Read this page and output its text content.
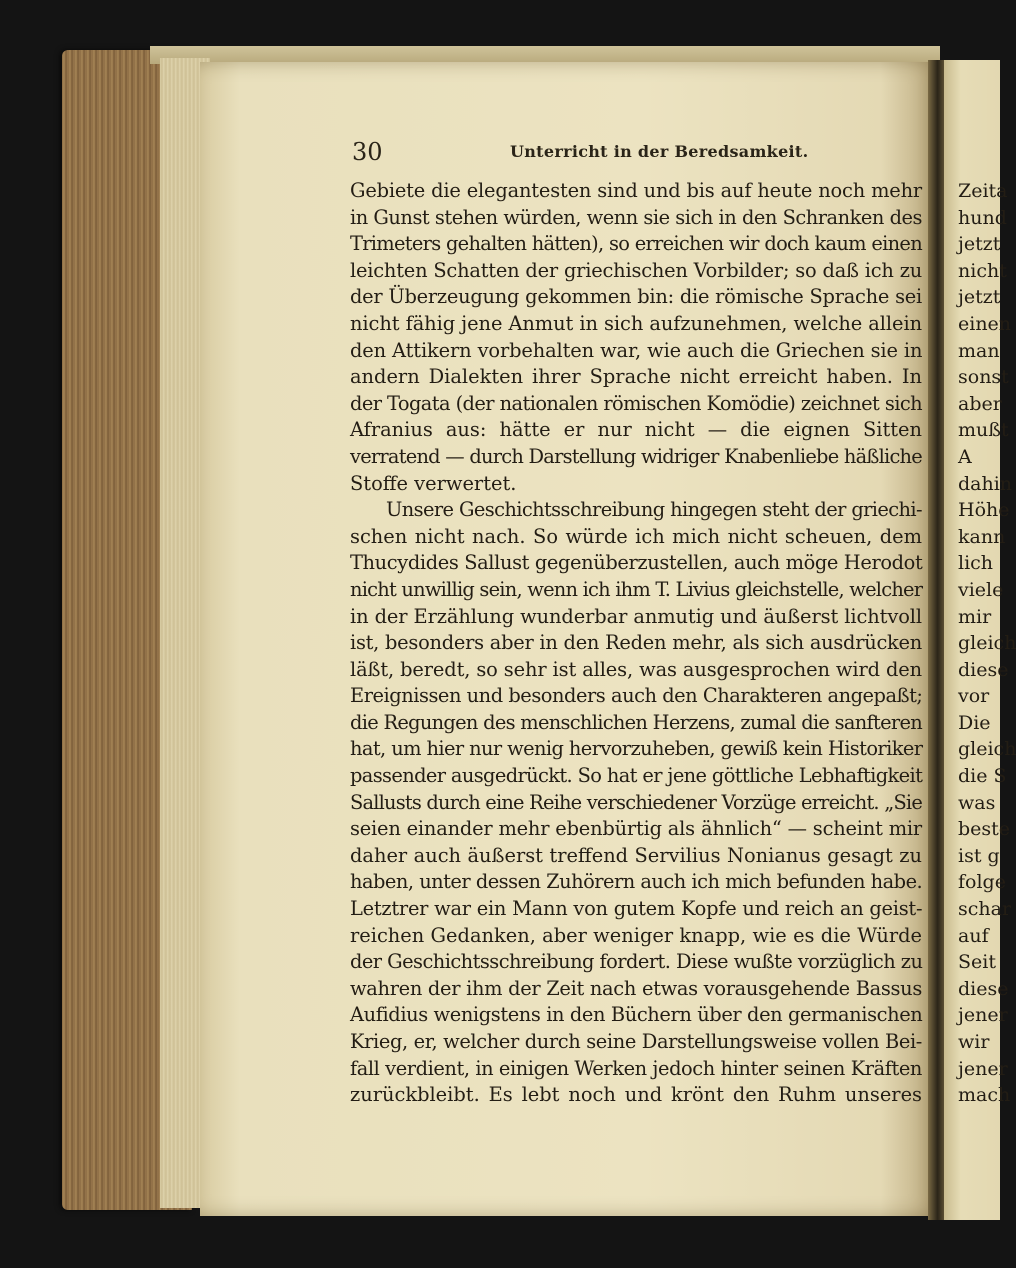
30	Unterricht in der Beredsamkeit.
Gebiete die elegantesten sind und bis auf heute noch mehr
in Gunst stehen würden, wenn sie sich in den Schranken des
Trimeters gehalten hätten), so erreichen wir doch kaum einen
leichten Schatten der griechischen Vorbilder; so daß ich zu
der Überzeugung gekommen bin: die römische Sprache sei
nicht fähig jene Anmut in sich aufzunehmen, welche allein
den Attikern vorbehalten war, wie auch die Griechen sie in
andern Dialekten ihrer Sprache nicht erreicht haben. In
der Togata (der nationalen römischen Komödie) zeichnet sich
Afranius aus: hätte er nur nicht — die eignen Sitten
verratend — durch Darstellung widriger Knabenliebe häßliche
Stoffe verwertet.
Unsere Geschichtsschreibung hingegen steht der griechi-
schen nicht nach. So würde ich mich nicht scheuen, dem
Thucydides Sallust gegenüberzustellen, auch möge Herodot
nicht unwillig sein, wenn ich ihm T. Livius gleichstelle, welcher
in der Erzählung wunderbar anmutig und äußerst lichtvoll
ist, besonders aber in den Reden mehr, als sich ausdrücken
läßt, beredt, so sehr ist alles, was ausgesprochen wird den
Ereignissen und besonders auch den Charakteren angepaßt;
die Regungen des menschlichen Herzens, zumal die sanfteren
hat, um hier nur wenig hervorzuheben, gewiß kein Historiker
passender ausgedrückt. So hat er jene göttliche Lebhaftigkeit
Sallusts durch eine Reihe verschiedener Vorzüge erreicht. „Sie
seien einander mehr ebenbürtig als ähnlich“ — scheint mir
daher auch äußerst treffend Servilius Nonianus gesagt zu
haben, unter dessen Zuhörern auch ich mich befunden habe.
Letztrer war ein Mann von gutem Kopfe und reich an geist-
reichen Gedanken, aber weniger knapp, wie es die Würde
der Geschichtsschreibung fordert. Diese wußte vorzüglich zu
wahren der ihm der Zeit nach etwas vorausgehende Bassus
Aufidius wenigstens in den Büchern über den germanischen
Krieg, er, welcher durch seine Darstellungsweise vollen Bei-
fall verdient, in einigen Werken jedoch hinter seinen Kräften
zurückbleibt. Es lebt noch und krönt den Ruhm unseres
Zeita
hund
jetzt
nicht
jetzt
einen
man
sonst
aber
mußt
A
dahin
Höhe
kann
lich
viele
mir
gleich
diese
vor
Die
gleich
die S
was
beste
ist g
folge
schar
auf
Seit
diese
jener
wir
jener
mach
